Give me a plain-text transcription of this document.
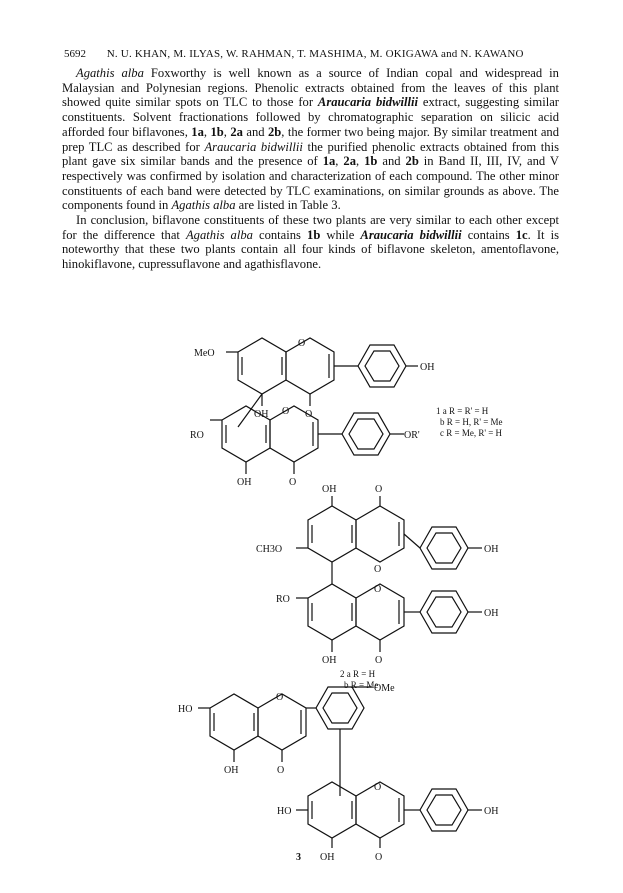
5692 N. U. KHAN, M. ILYAS, W. RAHMAN, T. MASHIMA, M. OKIGAWA and N. KAWANO

Agathis alba Foxworthy is well known as a source of Indian copal and widespread in Malaysian and Polynesian regions. Phenolic extracts obtained from the leaves of this plant showed quite similar spots on TLC to those for Araucaria bidwillii extract, suggesting similar constituents. Solvent fractionations followed by chromatographic separation on silicic acid afforded four biflavones, 1a, 1b, 2a and 2b, the former two being major. By similar treatment and prep TLC as described for Araucaria bidwillii the purified phenolic extracts obtained from this plant gave six similar bands and the presence of 1a, 2a, 1b and 2b in Band II, III, IV, and V respectively was confirmed by isolation and characterization of each compound. The other minor constituents of each band were detected by TLC examinations, on similar grounds as above. The components found in Agathis alba are listed in Table 3.

In conclusion, biflavone constituents of these two plants are very similar to each other except for the difference that Agathis alba contains 1b while Araucaria bidwillii contains 1c. It is noteworthy that these two plants contain all four kinds of biflavone skeleton, amentoflavone, hinokiflavone, cupressuflavone and agathisflavone.

MeO
OH
O
OH	O
RO
O
OR'
OH	O
1 a R = R' = H
b R = H, R' = Me
c R = Me, R' = H
OH	O
CH3O
O
OH
RO
O
OH
OH	O
2 a R = H
b R = Me
HO
O
OMe
OH	O
HO
O
OH
3 OH	O
